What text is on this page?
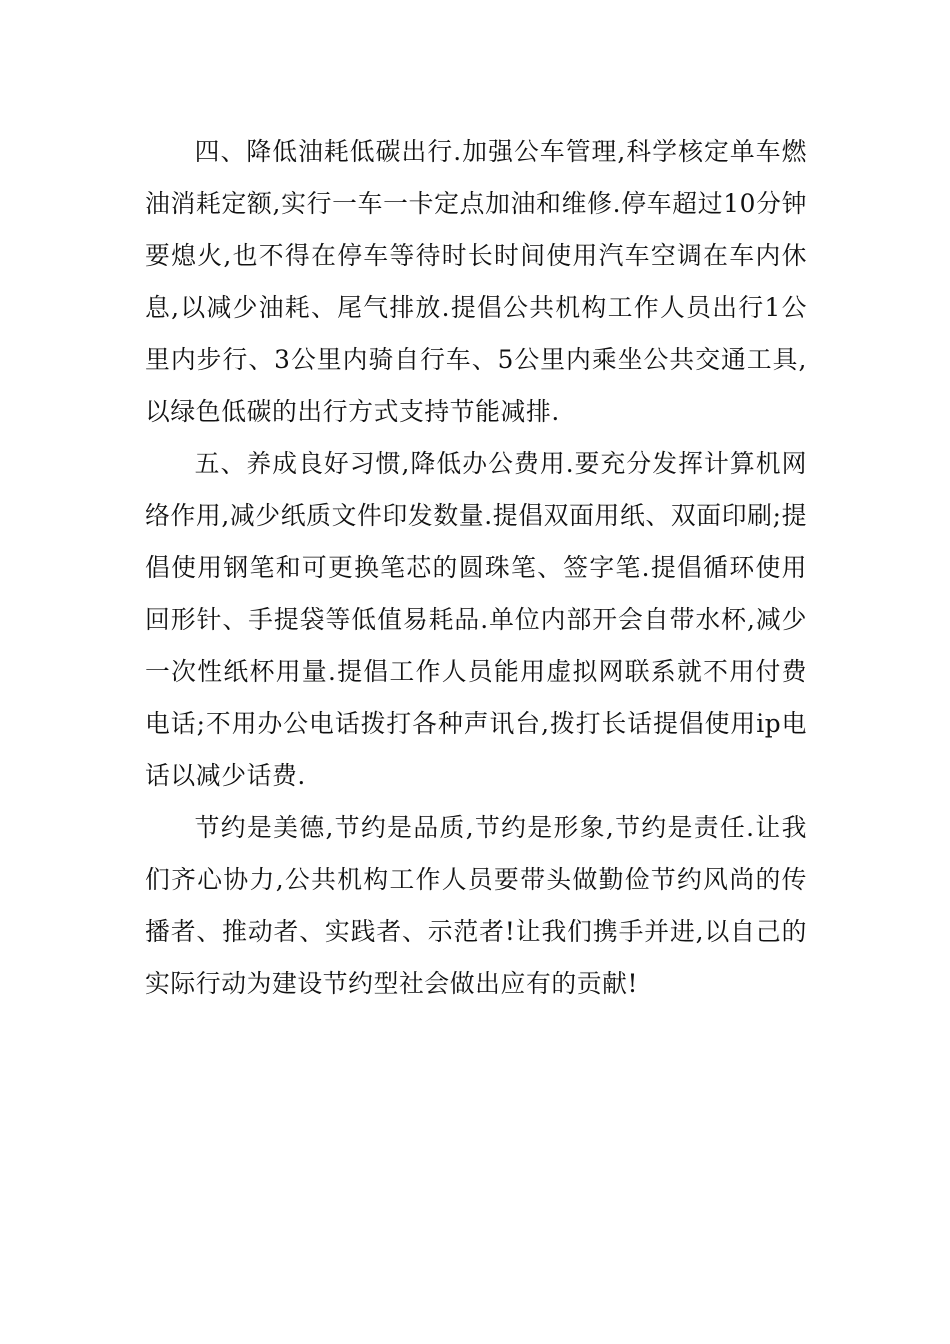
四、降低油耗低碳出行.加强公车管理,科学核定单车燃油消耗定额,实行一车一卡定点加油和维修.停车超过10分钟要熄火,也不得在停车等待时长时间使用汽车空调在车内休息,以减少油耗、尾气排放.提倡公共机构工作人员出行1公里内步行、3公里内骑自行车、5公里内乘坐公共交通工具,以绿色低碳的出行方式支持节能减排.

五、养成良好习惯,降低办公费用.要充分发挥计算机网络作用,减少纸质文件印发数量.提倡双面用纸、双面印刷;提倡使用钢笔和可更换笔芯的圆珠笔、签字笔.提倡循环使用回形针、手提袋等低值易耗品.单位内部开会自带水杯,减少一次性纸杯用量.提倡工作人员能用虚拟网联系就不用付费电话;不用办公电话拨打各种声讯台,拨打长话提倡使用ip电话以减少话费.

节约是美德,节约是品质,节约是形象,节约是责任.让我们齐心协力,公共机构工作人员要带头做勤俭节约风尚的传播者、推动者、实践者、示范者!让我们携手并进,以自己的实际行动为建设节约型社会做出应有的贡献!
